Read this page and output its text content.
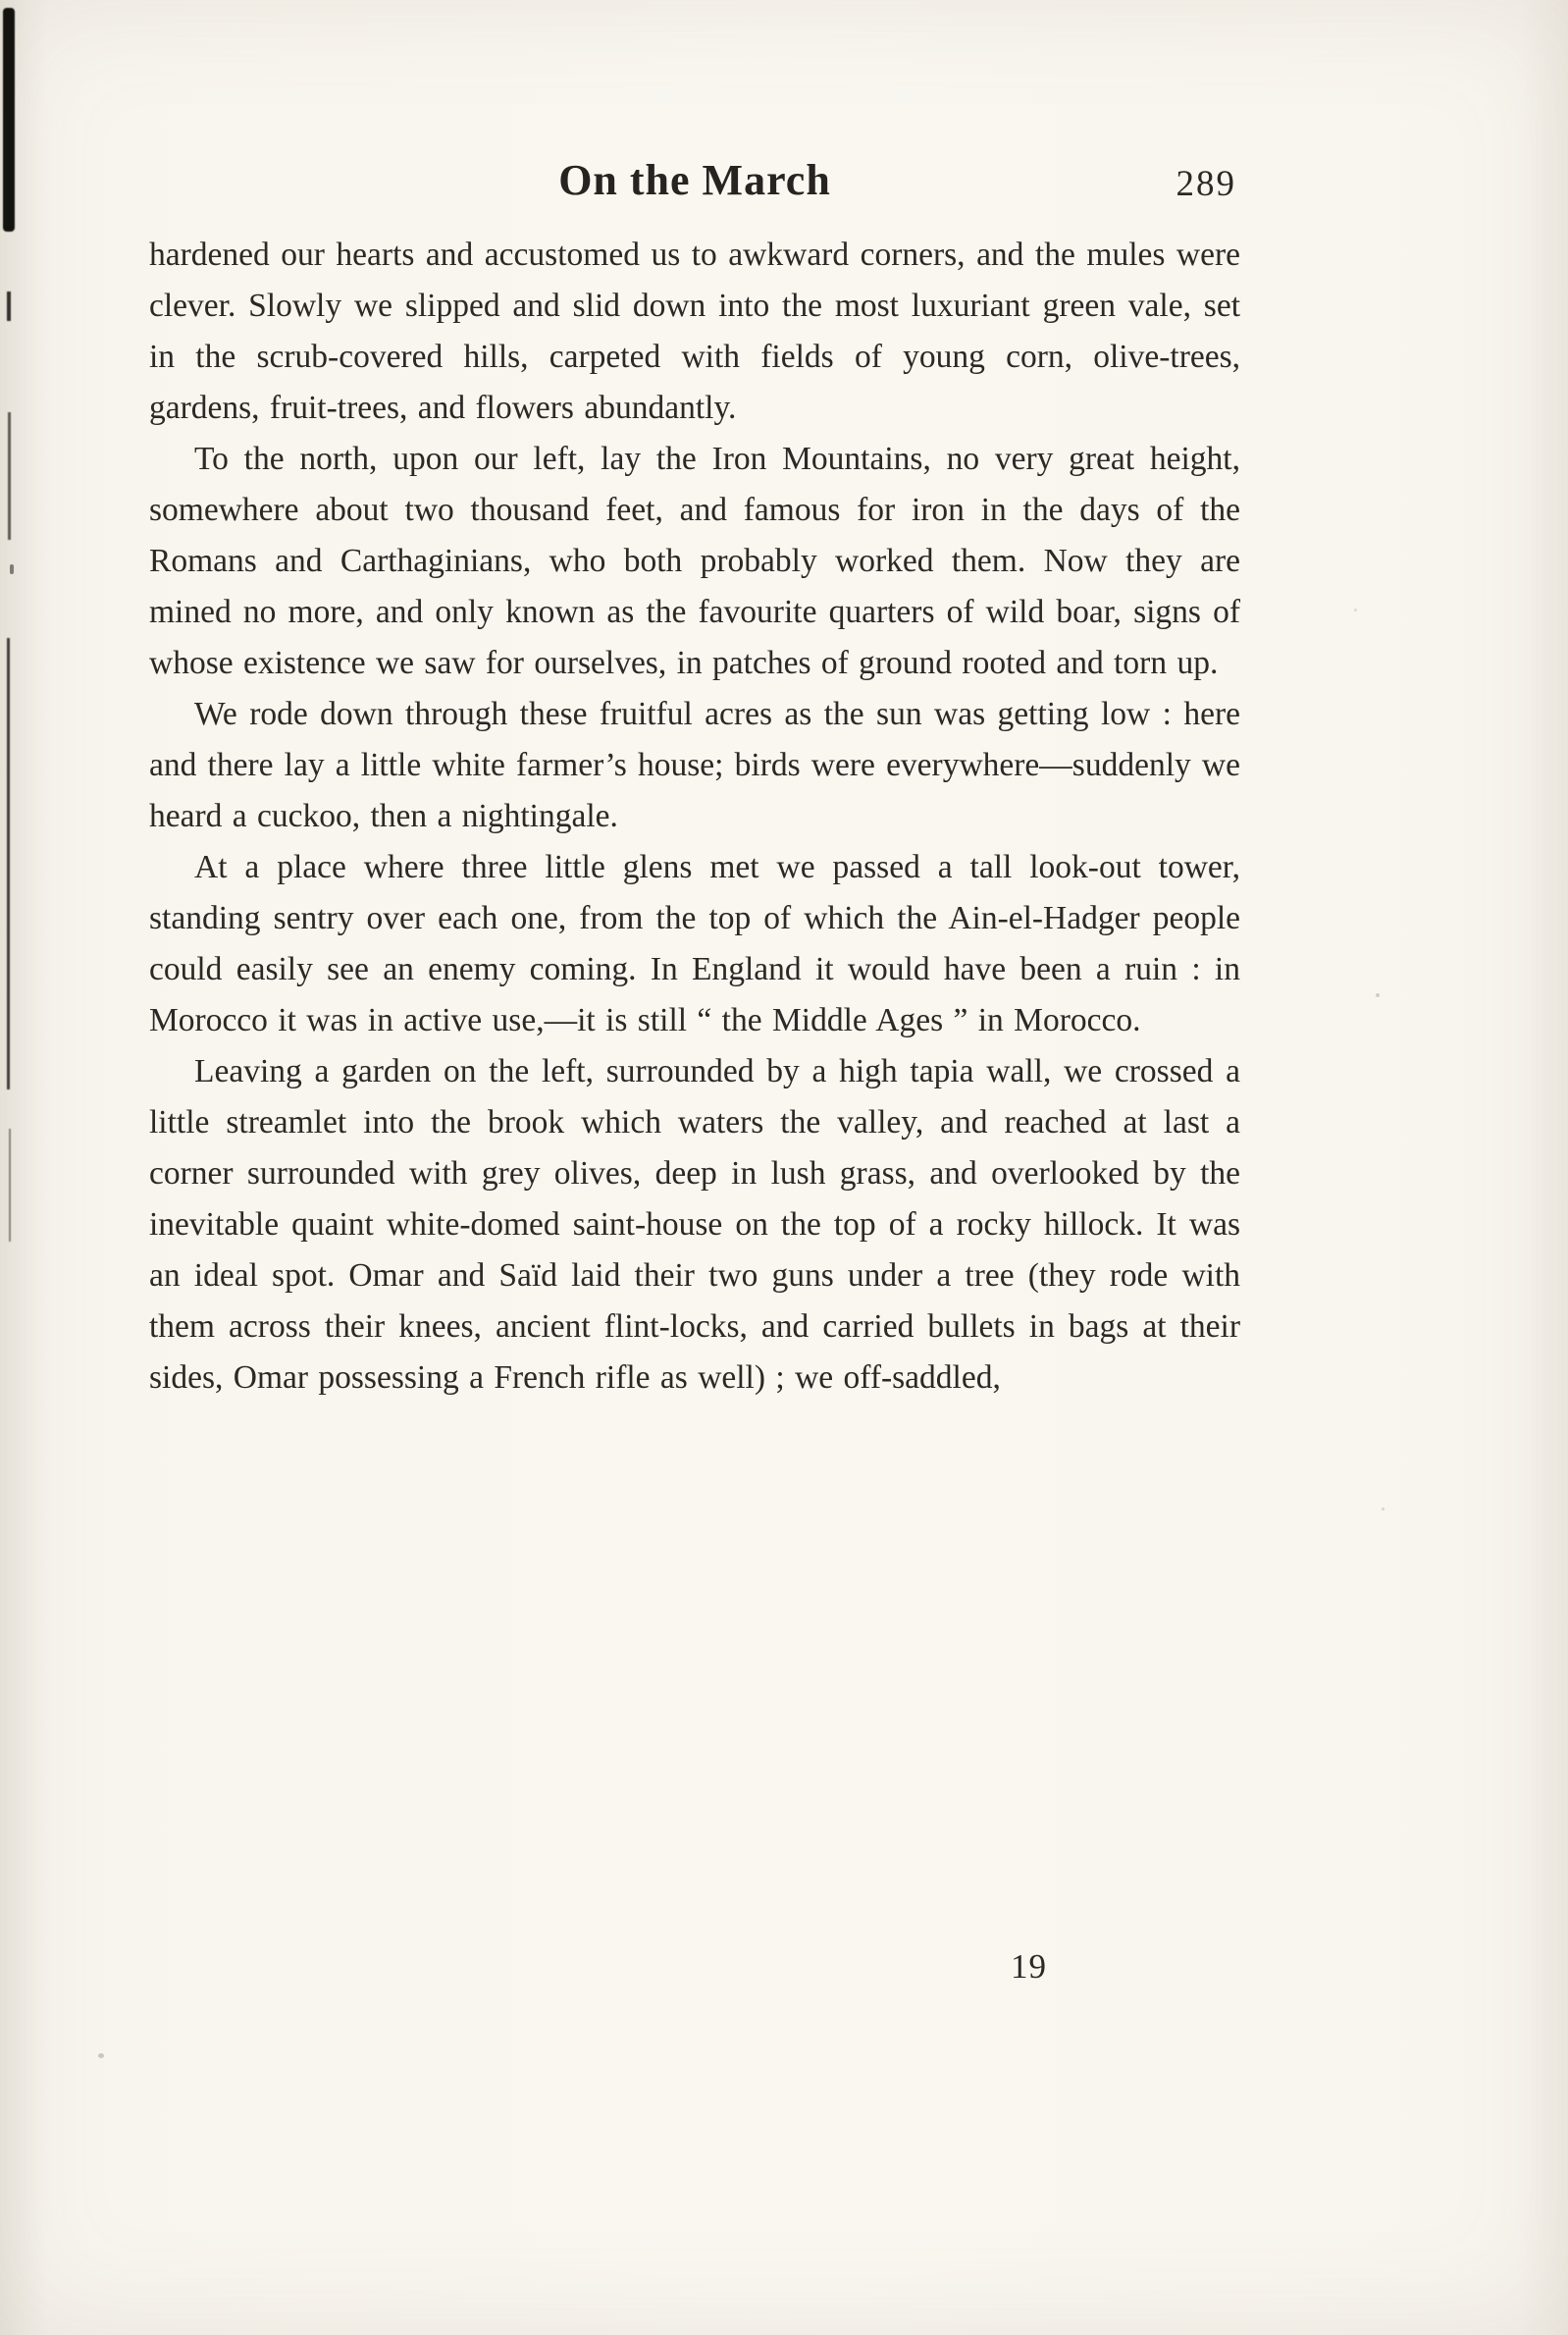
On the March	289

hardened our hearts and accustomed us to awkward corners, and the mules were clever. Slowly we slipped and slid down into the most luxuriant green vale, set in the scrub-covered hills, carpeted with fields of young corn, olive-trees, gardens, fruit-trees, and flowers abundantly.

To the north, upon our left, lay the Iron Mountains, no very great height, somewhere about two thousand feet, and famous for iron in the days of the Romans and Carthaginians, who both probably worked them. Now they are mined no more, and only known as the favourite quarters of wild boar, signs of whose existence we saw for ourselves, in patches of ground rooted and torn up.

We rode down through these fruitful acres as the sun was getting low : here and there lay a little white farmer’s house; birds were everywhere—suddenly we heard a cuckoo, then a nightingale.

At a place where three little glens met we passed a tall look-out tower, standing sentry over each one, from the top of which the Ain-el-Hadger people could easily see an enemy coming. In England it would have been a ruin : in Morocco it was in active use,—it is still “ the Middle Ages ” in Morocco.

Leaving a garden on the left, surrounded by a high tapia wall, we crossed a little streamlet into the brook which waters the valley, and reached at last a corner surrounded with grey olives, deep in lush grass, and overlooked by the inevitable quaint white-domed saint-house on the top of a rocky hillock. It was an ideal spot. Omar and Saïd laid their two guns under a tree (they rode with them across their knees, ancient flint-locks, and carried bullets in bags at their sides, Omar possessing a French rifle as well) ; we off-saddled,

19
